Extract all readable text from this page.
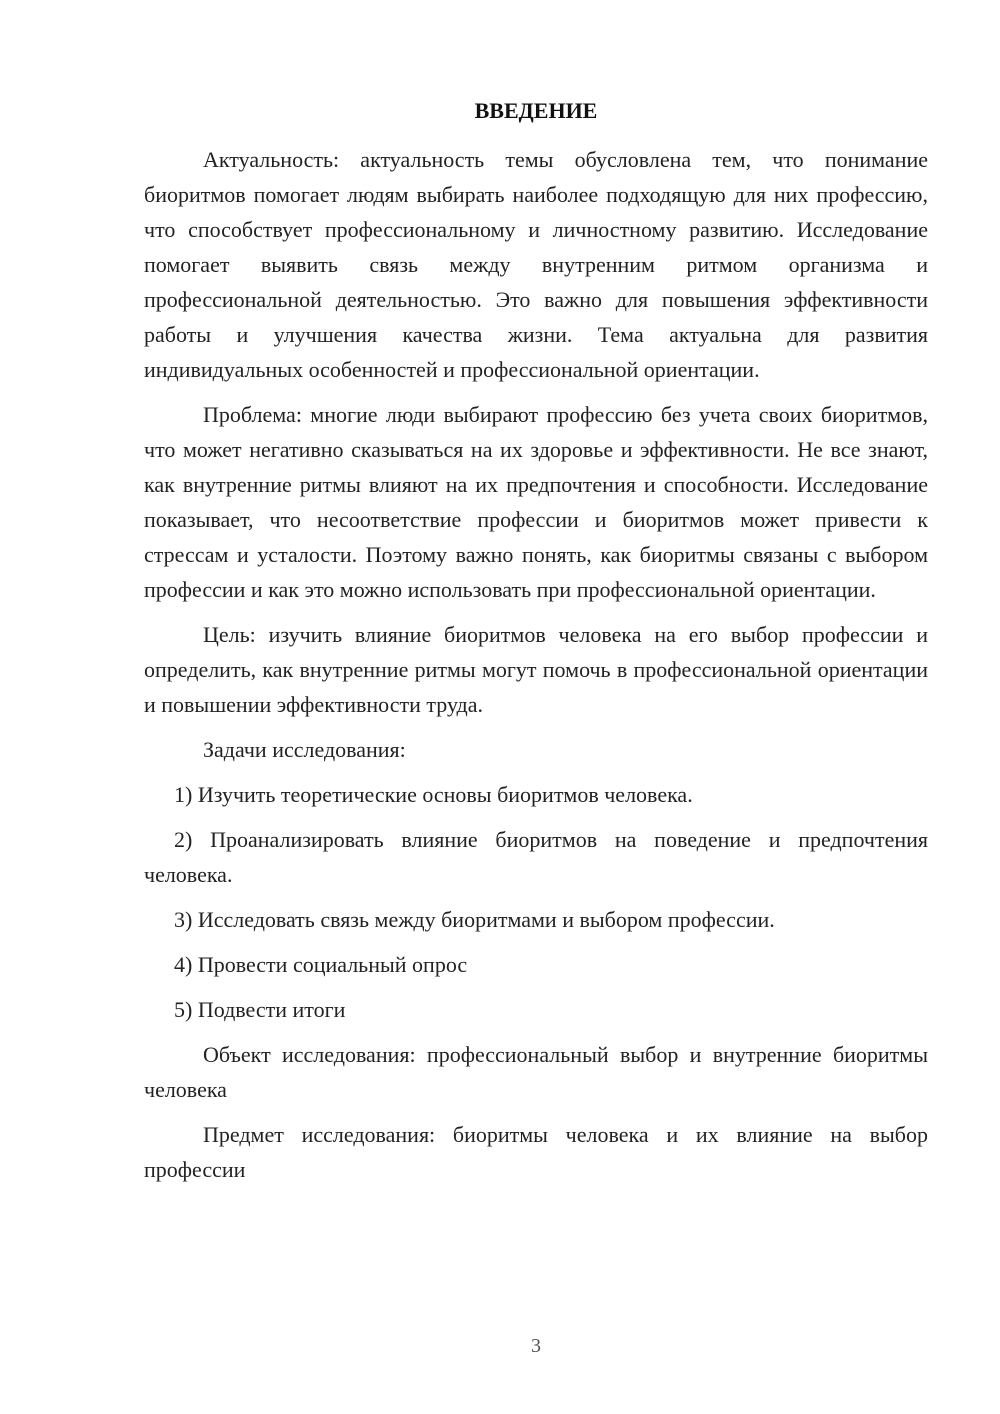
ВВЕДЕНИЕ

Актуальность: актуальность темы обусловлена тем, что понимание биоритмов помогает людям выбирать наиболее подходящую для них профессию, что способствует профессиональному и личностному развитию. Исследование помогает выявить связь между внутренним ритмом организма и профессиональной деятельностью. Это важно для повышения эффективности работы и улучшения качества жизни. Тема актуальна для развития индивидуальных особенностей и профессиональной ориентации.

Проблема: многие люди выбирают профессию без учета своих биоритмов, что может негативно сказываться на их здоровье и эффективности. Не все знают, как внутренние ритмы влияют на их предпочтения и способности. Исследование показывает, что несоответствие профессии и биоритмов может привести к стрессам и усталости. Поэтому важно понять, как биоритмы связаны с выбором профессии и как это можно использовать при профессиональной ориентации.

Цель: изучить влияние биоритмов человека на его выбор профессии и определить, как внутренние ритмы могут помочь в профессиональной ориентации и повышении эффективности труда.

Задачи исследования:

1) Изучить теоретические основы биоритмов человека.

2) Проанализировать влияние биоритмов на поведение и предпочтения человека.

3) Исследовать связь между биоритмами и выбором профессии.

4) Провести социальный опрос

5) Подвести итоги

Объект исследования: профессиональный выбор и внутренние биоритмы человека

Предмет исследования: биоритмы человека и их влияние на выбор профессии

3
